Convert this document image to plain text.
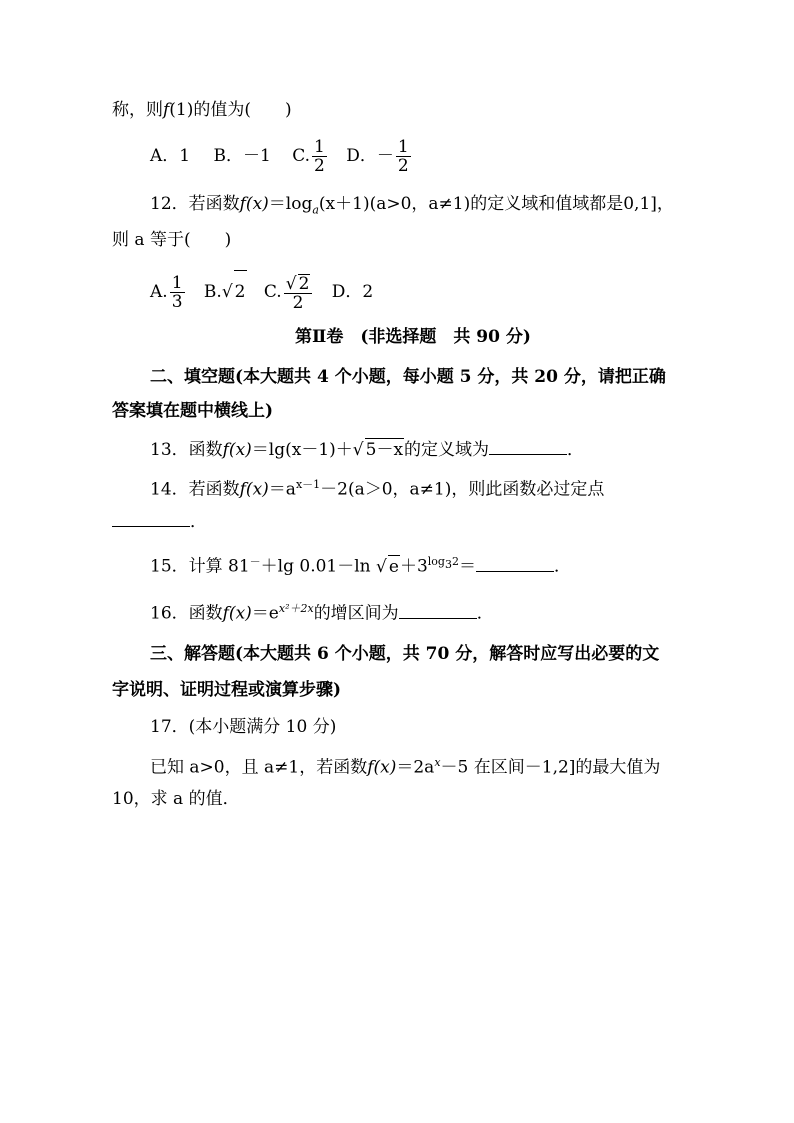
称，则f(1)的值为(　　)
A．1 B．－1 C. $\frac{1}{2}$ D．－ $\frac{1}{2}$
12．若函数$f(x)=\log_a(x+1)(a>0$，a≠1)的定义域和值域都是0,1]，
则 a 等于(　　)
A. $\frac{1}{3} B.√$ 2 C. $\frac{√ 2}{2}$ D．2
第Ⅱ卷　(非选择题　共 90 分)
二、填空题(本大题共 4 个小题，每小题 5 分，共 20 分，请把正确
答案填在题中横线上)
13．函数f(x)＝lg(x－1)＋√ 5－x的定义域为	．
14．若函数$f(x)=a^{x-1}-2(a>0$，a≠1)，则此函数必过定点
．
15．计算 81－＋lg 0.01－ln √ $e+3^{log_32}=$	．
16．函数$f(x)=e^{x^2+2x}$的增区间为	．
三、解答题(本大题共 6 个小题，共 70 分，解答时应写出必要的文
字说明、证明过程或演算步骤)
17．(本小题满分 10 分)
已知 a>0，且 a≠1，若函数$f(x)=2a^x-5$ 在区间－1,2]的最大值为
10，求 a 的值．
